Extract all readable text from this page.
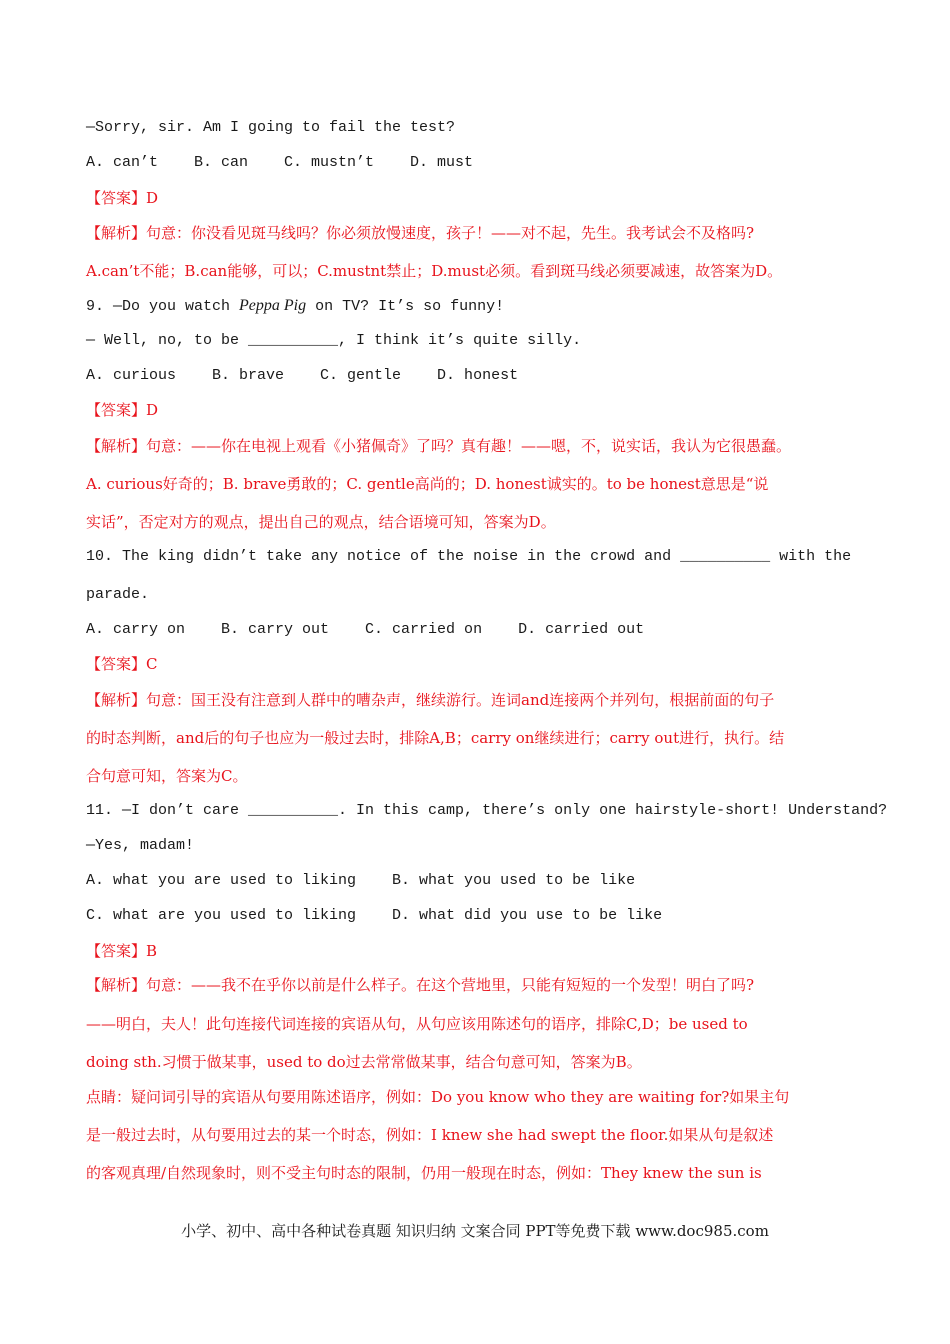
—Sorry, sir. Am I going to fail the test?
A. can’t    B. can    C. mustn’t    D. must
【答案】D
【解析】句意：你没看见斑马线吗？你必须放慢速度，孩子！——对不起，先生。我考试会不及格吗?
A.can’t不能；B.can能够，可以；C.mustnt禁止；D.must必须。看到斑马线必须要减速，故答案为D。
9. —Do you watch Peppa Pig on TV? It’s so funny!
— Well, no, to be __________, I think it’s quite silly.
A. curious    B. brave    C. gentle    D. honest
【答案】D
【解析】句意：——你在电视上观看《小猪佩奇》了吗？真有趣！——嗯，不，说实话，我认为它很愚蠢。
A. curious好奇的；B. brave勇敢的；C. gentle高尚的；D. honest诚实的。to be honest意思是“说
实话”，否定对方的观点，提出自己的观点，结合语境可知，答案为D。
10. The king didn’t take any notice of the noise in the crowd and __________ with the
parade.
A. carry on    B. carry out    C. carried on    D. carried out
【答案】C
【解析】句意：国王没有注意到人群中的嘈杂声，继续游行。连词and连接两个并列句，根据前面的句子
的时态判断，and后的句子也应为一般过去时，排除A,B；carry on继续进行；carry out进行，执行。结
合句意可知，答案为C。
11. —I don’t care __________. In this camp, there’s only one hairstyle-short! Understand?
—Yes, madam!
A. what you are used to liking    B. what you used to be like
C. what are you used to liking    D. what did you use to be like
【答案】B
【解析】句意：——我不在乎你以前是什么样子。在这个营地里，只能有短短的一个发型！明白了吗?
——明白，夫人！此句连接代词连接的宾语从句，从句应该用陈述句的语序，排除C,D；be used to
doing sth.习惯于做某事，used to do过去常常做某事，结合句意可知，答案为B。
点睛：疑问词引导的宾语从句要用陈述语序，例如：Do you know who they are waiting for?如果主句
是一般过去时，从句要用过去的某一个时态，例如：I knew she had swept the floor.如果从句是叙述
的客观真理/自然现象时，则不受主句时态的限制，仍用一般现在时态，例如：They knew the sun is
小学、初中、高中各种试卷真题 知识归纳 文案合同 PPT等免费下载 www.doc985.com
